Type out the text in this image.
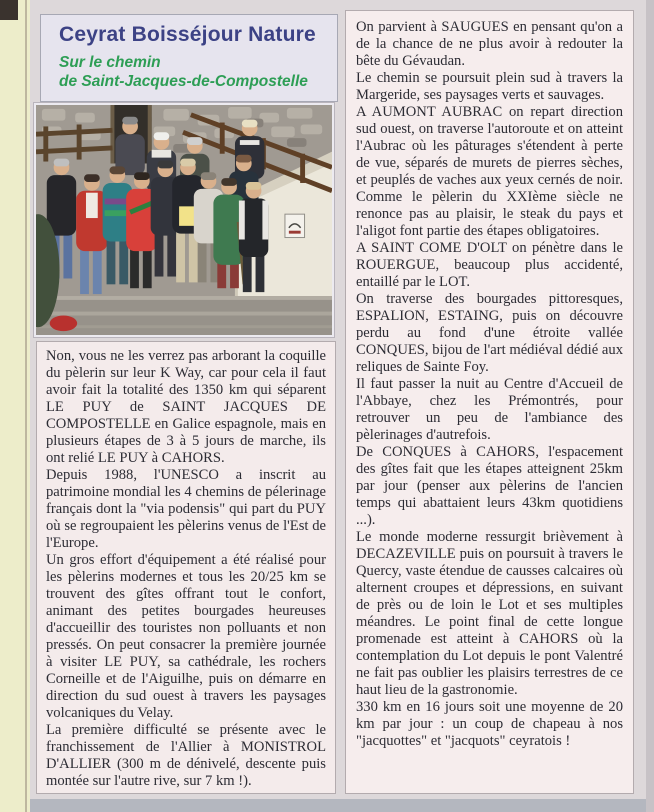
Ceyrat Boisséjour Nature

Sur le chemin
de Saint-Jacques-de-Compostelle

Non, vous ne les verrez pas arborant la coquille du pèlerin sur leur K Way, car pour cela il faut avoir fait la totalité des 1350 km qui séparent LE PUY de SAINT JACQUES DE COMPOSTELLE en Galice espagnole, mais en plusieurs étapes de 3 à 5 jours de marche, ils ont relié LE PUY à CAHORS.

Depuis 1988, l'UNESCO a inscrit au patrimoine mondial les 4 chemins de pélerinage français dont la "via podensis" qui part du PUY où se regroupaient les pèlerins venus de l'Est de l'Europe.

Un gros effort d'équipement a été réalisé pour les pèlerins modernes et tous les 20/25 km se trouvent des gîtes offrant tout le confort, animant des petites bourgades heureuses d'accueillir des touristes non polluants et non pressés. On peut consacrer la première journée à visiter LE PUY, sa cathédrale, les rochers Corneille et de l'Aiguilhe, puis on démarre en direction du sud ouest à travers les paysages volcaniques du Velay.

La première difficulté se présente avec le franchissement de l'Allier à MONISTROL D'ALLIER (300 m de dénivelé, descente puis montée sur l'autre rive, sur 7 km !).

On parvient à SAUGUES en pensant qu'on a de la chance de ne plus avoir à redouter la bête du Gévaudan.

Le chemin se poursuit plein sud à travers la Margeride, ses paysages verts et sauvages.

A AUMONT AUBRAC on repart direction sud ouest, on traverse l'autoroute et on atteint l'Aubrac où les pâturages s'étendent à perte de vue, séparés de murets de pierres sèches, et peuplés de vaches aux yeux cernés de noir. Comme le pèlerin du XXIème siècle ne renonce pas au plaisir, le steak du pays et l'aligot font partie des étapes obligatoires.

A SAINT COME D'OLT on pénètre dans le ROUERGUE, beaucoup plus accidenté, entaillé par le LOT.

On traverse des bourgades pittoresques, ESPALION, ESTAING, puis on découvre perdu au fond d'une étroite vallée CONQUES, bijou de l'art médiéval dédié aux reliques de Sainte Foy.

Il faut passer la nuit au Centre d'Accueil de l'Abbaye, chez les Prémontrés, pour retrouver un peu de l'ambiance des pèlerinages d'autrefois.

De CONQUES à CAHORS, l'espacement des gîtes fait que les étapes atteignent 25km par jour (penser aux pèlerins de l'ancien temps qui abattaient leurs 43km quotidiens ...).

Le monde moderne ressurgit brièvement à DECAZEVILLE puis on poursuit à travers le Quercy, vaste étendue de causses calcaires où alternent croupes et dépressions, en suivant de près ou de loin le Lot et ses multiples méandres. Le point final de cette longue promenade est atteint à CAHORS où la contemplation du Lot depuis le pont Valentré ne fait pas oublier les plaisirs terrestres de ce haut lieu de la gastronomie.

330 km en 16 jours soit une moyenne de 20 km par jour : un coup de chapeau à nos "jacquottes" et "jacquots" ceyratois !
